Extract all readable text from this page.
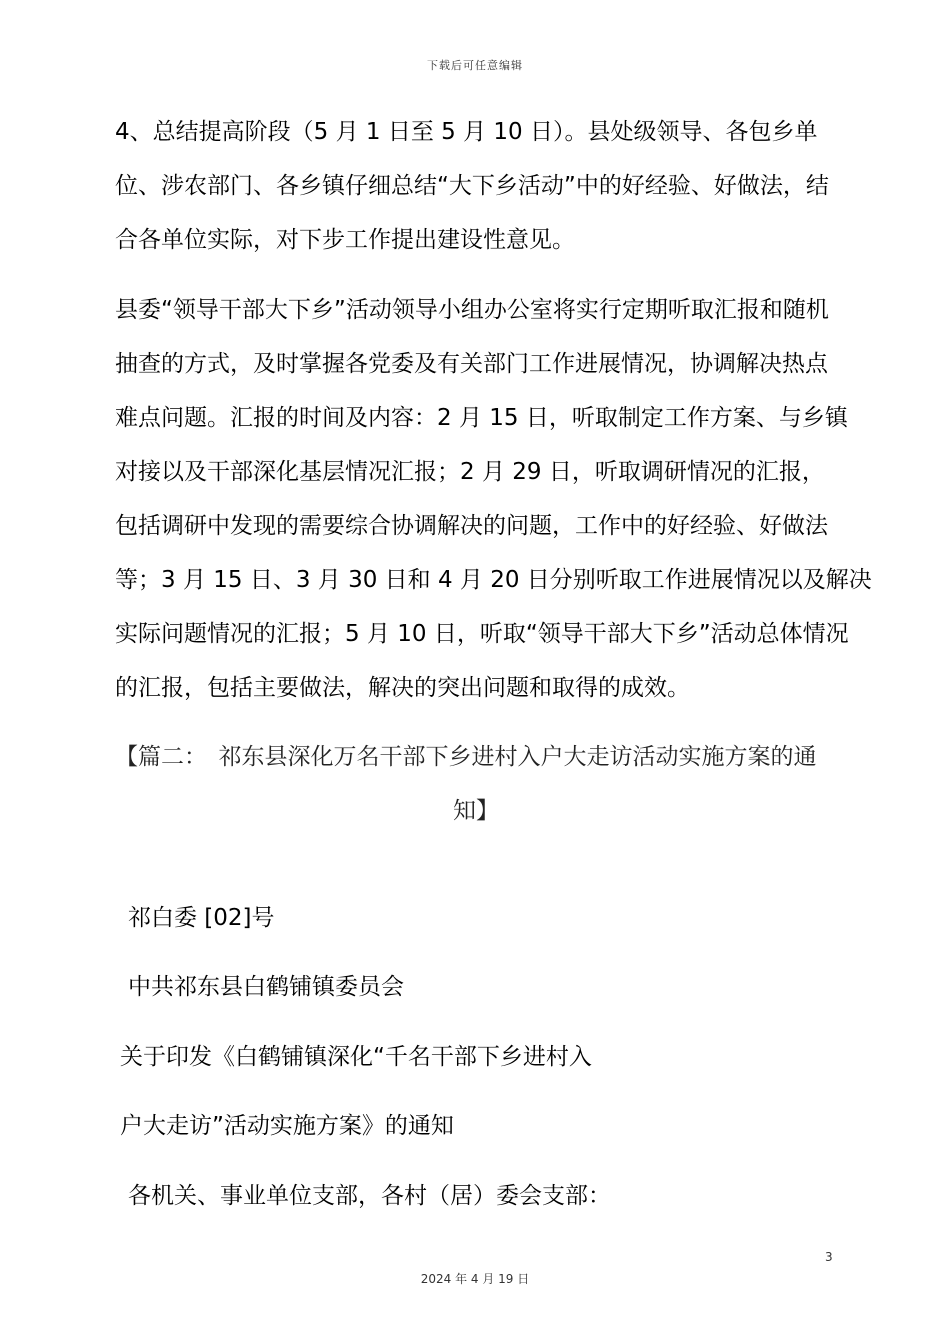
下载后可任意编辑
4、总结提高阶段（5 月 1 日至 5 月 10 日）。县处级领导、各包乡单
位、涉农部门、各乡镇仔细总结“大下乡活动”中的好经验、好做法，结
合各单位实际，对下步工作提出建设性意见。
县委“领导干部大下乡”活动领导小组办公室将实行定期听取汇报和随机
抽查的方式，及时掌握各党委及有关部门工作进展情况，协调解决热点
难点问题。汇报的时间及内容：2 月 15 日，听取制定工作方案、与乡镇
对接以及干部深化基层情况汇报；2 月 29 日，听取调研情况的汇报，
包括调研中发现的需要综合协调解决的问题，工作中的好经验、好做法
等；3 月 15 日、3 月 30 日和 4 月 20 日分别听取工作进展情况以及解决
实际问题情况的汇报；5 月 10 日，听取“领导干部大下乡”活动总体情况
的汇报，包括主要做法，解决的突出问题和取得的成效。
【篇二：　祁东县深化万名干部下乡进村入户大走访活动实施方案的通
知】
祁白委 [02]号
中共祁东县白鹤铺镇委员会
关于印发《白鹤铺镇深化“千名干部下乡进村入
户大走访”活动实施方案》的通知
各机关、事业单位支部，各村（居）委会支部：
3
2024 年 4 月 19 日
